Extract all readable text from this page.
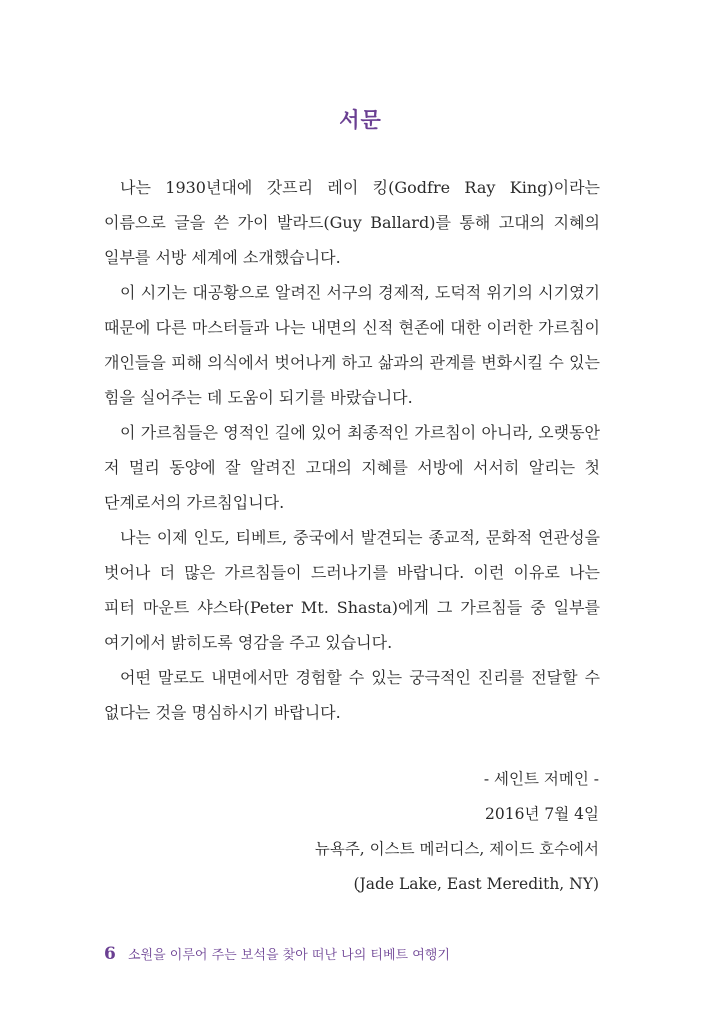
서문

나는 1930년대에 갓프리 레이 킹(Godfre Ray King)이라는 이름으로 글을 쓴 가이 발라드(Guy Ballard)를 통해 고대의 지혜의 일부를 서방 세계에 소개했습니다.

이 시기는 대공황으로 알려진 서구의 경제적, 도덕적 위기의 시기였기 때문에 다른 마스터들과 나는 내면의 신적 현존에 대한 이러한 가르침이 개인들을 피해 의식에서 벗어나게 하고 삶과의 관계를 변화시킬 수 있는 힘을 실어주는 데 도움이 되기를 바랐습니다.

이 가르침들은 영적인 길에 있어 최종적인 가르침이 아니라, 오랫동안 저 멀리 동양에 잘 알려진 고대의 지혜를 서방에 서서히 알리는 첫 단계로서의 가르침입니다.

나는 이제 인도, 티베트, 중국에서 발견되는 종교적, 문화적 연관성을 벗어나 더 많은 가르침들이 드러나기를 바랍니다. 이런 이유로 나는 피터 마운트 샤스타(Peter Mt. Shasta)에게 그 가르침들 중 일부를 여기에서 밝히도록 영감을 주고 있습니다.

어떤 말로도 내면에서만 경험할 수 있는 궁극적인 진리를 전달할 수 없다는 것을 명심하시기 바랍니다.

- 세인트 저메인 -
2016년 7월 4일
뉴욕주, 이스트 메러디스, 제이드 호수에서
(Jade Lake, East Meredith, NY)
6 소원을 이루어 주는 보석을 찾아 떠난 나의 티베트 여행기
